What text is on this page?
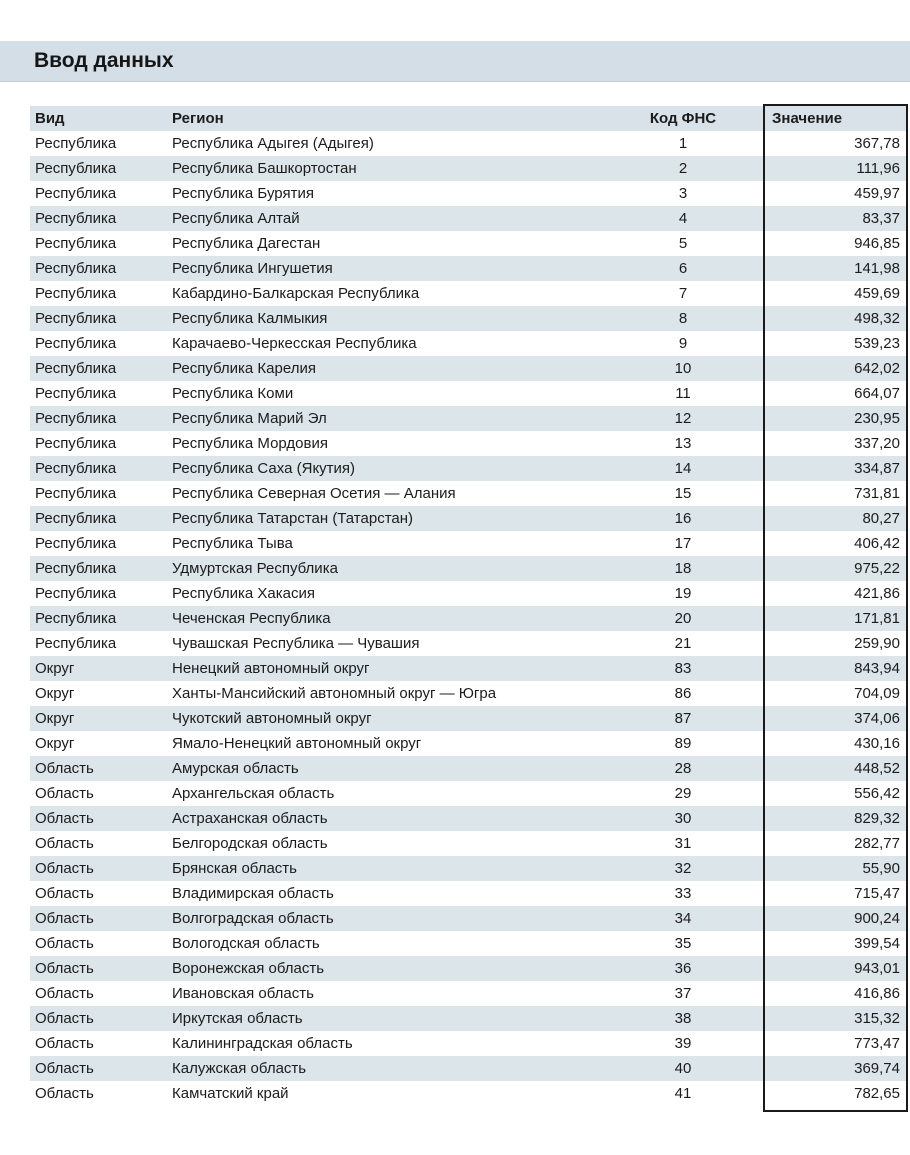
Ввод данных
Вид	Регион	Код ФНС	Значение
Республика	Республика Адыгея (Адыгея)	1	367,78
Республика	Республика Башкортостан	2	111,96
Республика	Республика Бурятия	3	459,97
Республика	Республика Алтай	4	83,37
Республика	Республика Дагестан	5	946,85
Республика	Республика Ингушетия	6	141,98
Республика	Кабардино-Балкарская Республика	7	459,69
Республика	Республика Калмыкия	8	498,32
Республика	Карачаево-Черкесская Республика	9	539,23
Республика	Республика Карелия	10	642,02
Республика	Республика Коми	11	664,07
Республика	Республика Марий Эл	12	230,95
Республика	Республика Мордовия	13	337,20
Республика	Республика Саха (Якутия)	14	334,87
Республика	Республика Северная Осетия — Алания	15	731,81
Республика	Республика Татарстан (Татарстан)	16	80,27
Республика	Республика Тыва	17	406,42
Республика	Удмуртская Республика	18	975,22
Республика	Республика Хакасия	19	421,86
Республика	Чеченская Республика	20	171,81
Республика	Чувашская Республика — Чувашия	21	259,90
Округ	Ненецкий автономный округ	83	843,94
Округ	Ханты-Мансийский автономный округ — Югра	86	704,09
Округ	Чукотский автономный округ	87	374,06
Округ	Ямало-Ненецкий автономный округ	89	430,16
Область	Амурская область	28	448,52
Область	Архангельская область	29	556,42
Область	Астраханская область	30	829,32
Область	Белгородская область	31	282,77
Область	Брянская область	32	55,90
Область	Владимирская область	33	715,47
Область	Волгоградская область	34	900,24
Область	Вологодская область	35	399,54
Область	Воронежская область	36	943,01
Область	Ивановская область	37	416,86
Область	Иркутская область	38	315,32
Область	Калининградская область	39	773,47
Область	Калужская область	40	369,74
Область	Камчатский край	41	782,65
